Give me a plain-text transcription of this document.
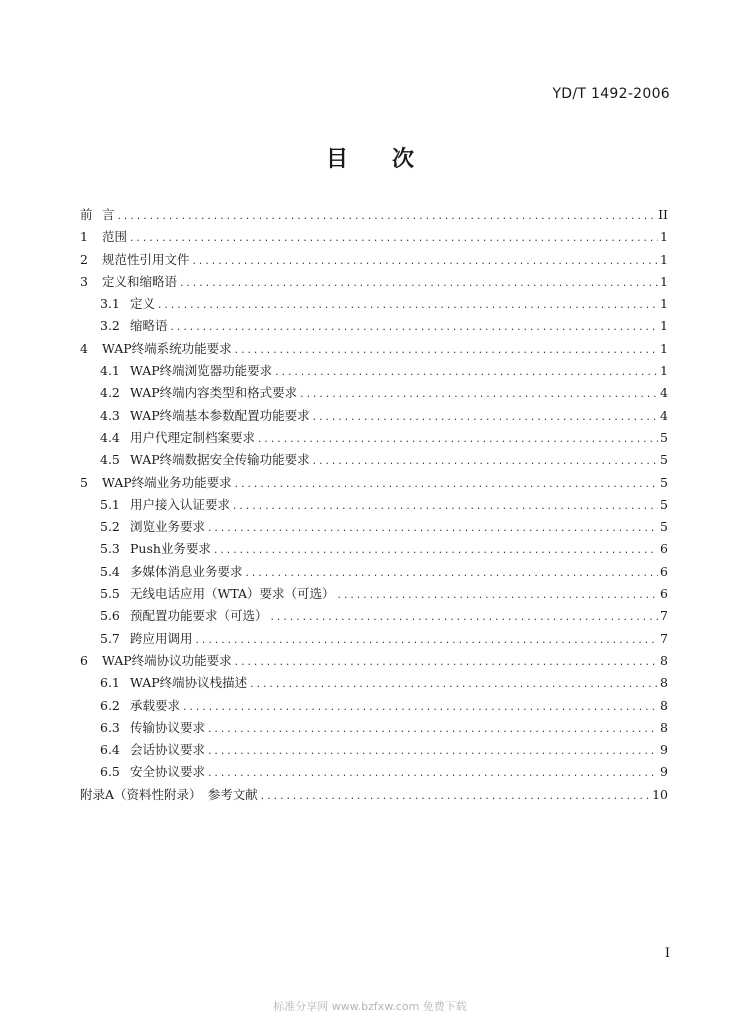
YD/T 1492-2006
目 次
前 言 .....	II
1	范围 .....	1
2	规范性引用文件 .....	1
3	定义和缩略语 .....	1
3.1 定义 .....	1
3.2 缩略语 .....	1
4	WAP终端系统功能要求 .....	1
4.1 WAP终端浏览器功能要求 .....	1
4.2 WAP终端内容类型和格式要求 .....	4
4.3 WAP终端基本参数配置功能要求 .....	4
4.4 用户代理定制档案要求 .....	5
4.5 WAP终端数据安全传输功能要求 .....	5
5	WAP终端业务功能要求 .....	5
5.1 用户接入认证要求 .....	5
5.2 浏览业务要求 .....	5
5.3 Push业务要求 .....	6
5.4 多媒体消息业务要求 .....	6
5.5 无线电话应用（WTA）要求（可选） .....	6
5.6 预配置功能要求（可选） .....	7
5.7 跨应用调用 .....	7
6	WAP终端协议功能要求 .....	8
6.1 WAP终端协议栈描述 .....	8
6.2 承载要求 .....	8
6.3 传输协议要求 .....	8
6.4 会话协议要求 .....	9
6.5 安全协议要求 .....	9
附录A（资料性附录）　参考文献 .....	10
I
标准分享网 www.bzfxw.com 免费下载
